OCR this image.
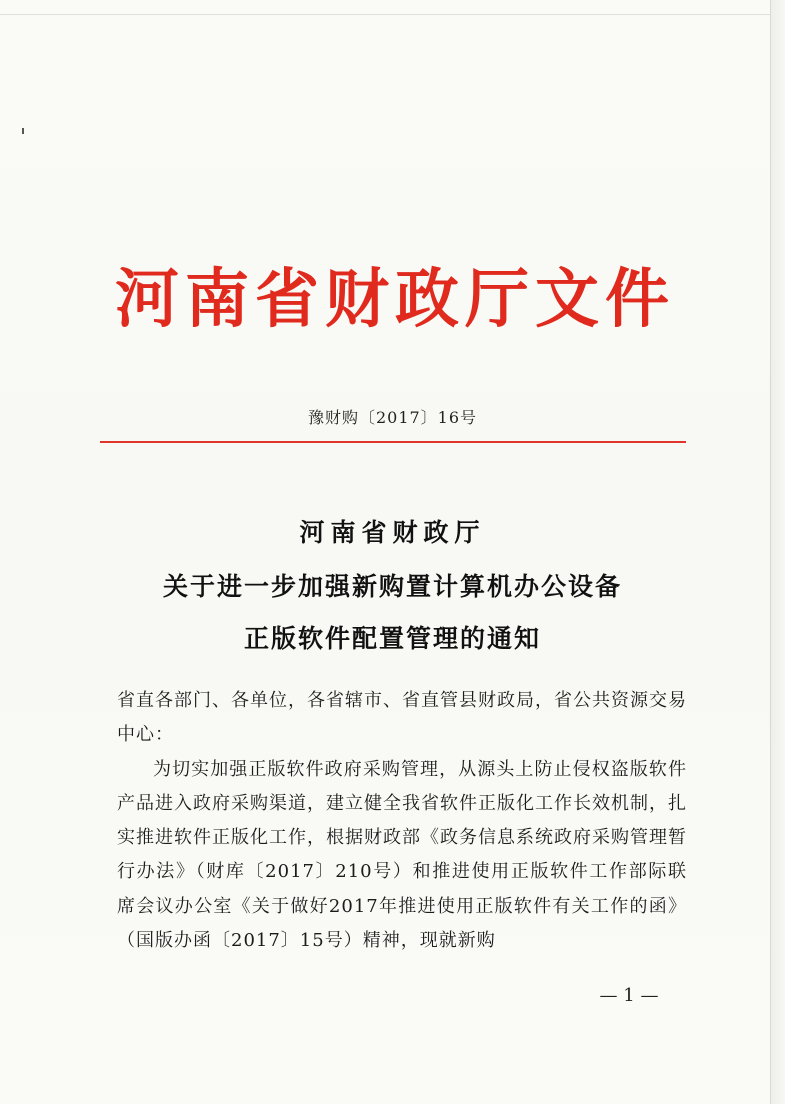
河南省财政厅文件
豫财购〔2017〕16号
河南省财政厅
关于进一步加强新购置计算机办公设备
正版软件配置管理的通知

省直各部门、各单位，各省辖市、省直管县财政局，省公共资源交易中心：

为切实加强正版软件政府采购管理，从源头上防止侵权盗版软件产品进入政府采购渠道，建立健全我省软件正版化工作长效机制，扎实推进软件正版化工作，根据财政部《政务信息系统政府采购管理暂行办法》（财库〔2017〕210号）和推进使用正版软件工作部际联席会议办公室《关于做好2017年推进使用正版软件有关工作的函》（国版办函〔2017〕15号）精神，现就新购

— 1 —
